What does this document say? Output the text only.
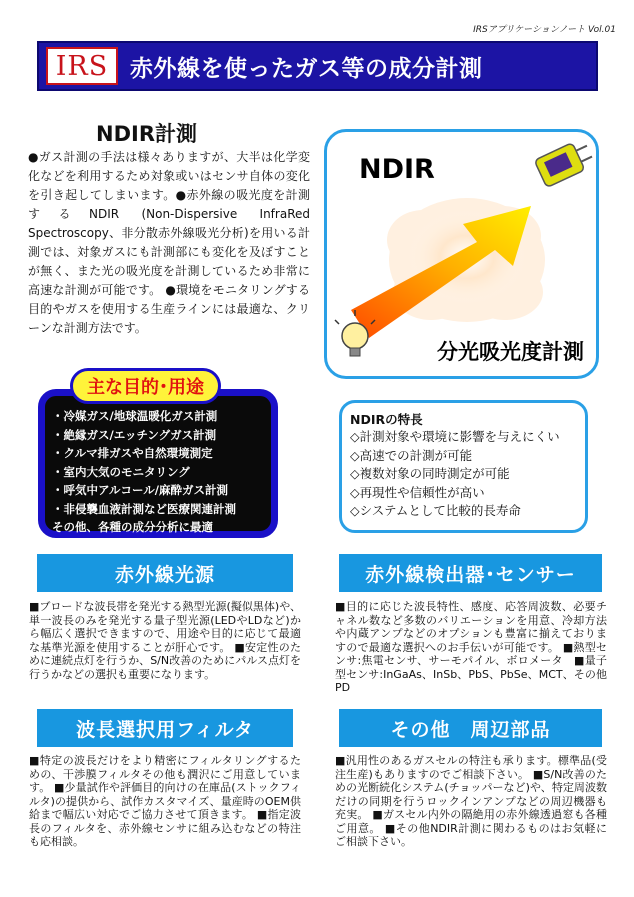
IRSアプリケーションノート Vol.01
IRS 赤外線を使ったガス等の成分計測
NDIR計測

●ガス計測の手法は様々ありますが、大半は化学変化などを利用するため対象或いはセンサ自体の変化を引き起してしまいます。●赤外線の吸光度を計測するNDIR (Non-Dispersive InfraRed Spectroscopy、非分散赤外線吸光分析)を用いる計測では、対象ガスにも計測部にも変化を及ぼすことが無く、また光の吸光度を計測しているため非常に高速な計測が可能です。 ●環境をモニタリングする目的やガスを使用する生産ラインには最適な、クリーンな計測方法です。

NDIR
分光吸光度計測
主な目的･用途
・冷媒ガス/地球温暖化ガス計測
・絶縁ガス/エッチングガス計測
・クルマ排ガスや自然環境測定
・室内大気のモニタリング
・呼気中アルコール/麻酔ガス計測
・非侵襲血液計測など医療関連計測
その他、各種の成分分析に最適
NDIRの特長
◇計測対象や環境に影響を与えにくい
◇高速での計測が可能
◇複数対象の同時測定が可能
◇再現性や信頼性が高い
◇システムとして比較的長寿命
赤外線光源

■ブロードな波長帯を発光する熱型光源(擬似黒体)や、単一波長のみを発光する量子型光源(LEDやLDなど)から幅広く選択できますので、用途や目的に応じて最適な基準光源を使用することが肝心です。 ■安定性のために連続点灯を行うか、S/N改善のためにパルス点灯を行うかなどの選択も重要になります。

赤外線検出器･センサー

■目的に応じた波長特性、感度、応答周波数、必要チャネル数など多数のバリエーションを用意、冷却方法や内蔵アンプなどのオプションも豊富に揃えておりますので最適な選択へのお手伝いが可能です。 ■熱型センサ:焦電センサ、サーモパイル、ボロメータ　■量子型センサ:InGaAs、InSb、PbS、PbSe、MCT、その他PD

波長選択用フィルタ

■特定の波長だけをより精密にフィルタリングするための、干渉膜フィルタその他も潤沢にご用意しています。 ■少量試作や評価目的向けの在庫品(ストックフィルタ)の提供から、試作カスタマイズ、量産時のOEM供給まで幅広い対応でご協力させて頂きます。 ■指定波長のフィルタを、赤外線センサに組み込むなどの特注も応相談。

その他　周辺部品

■汎用性のあるガスセルの特注も承ります。標準品(受注生産)もありますのでご相談下さい。 ■S/N改善のための光断続化システム(チョッパーなど)や、特定周波数だけの同期を行うロックインアンプなどの周辺機器も充実。 ■ガスセル内外の隔絶用の赤外線透過窓も各種ご用意。 ■その他NDIR計測に関わるものはお気軽にご相談下さい。
